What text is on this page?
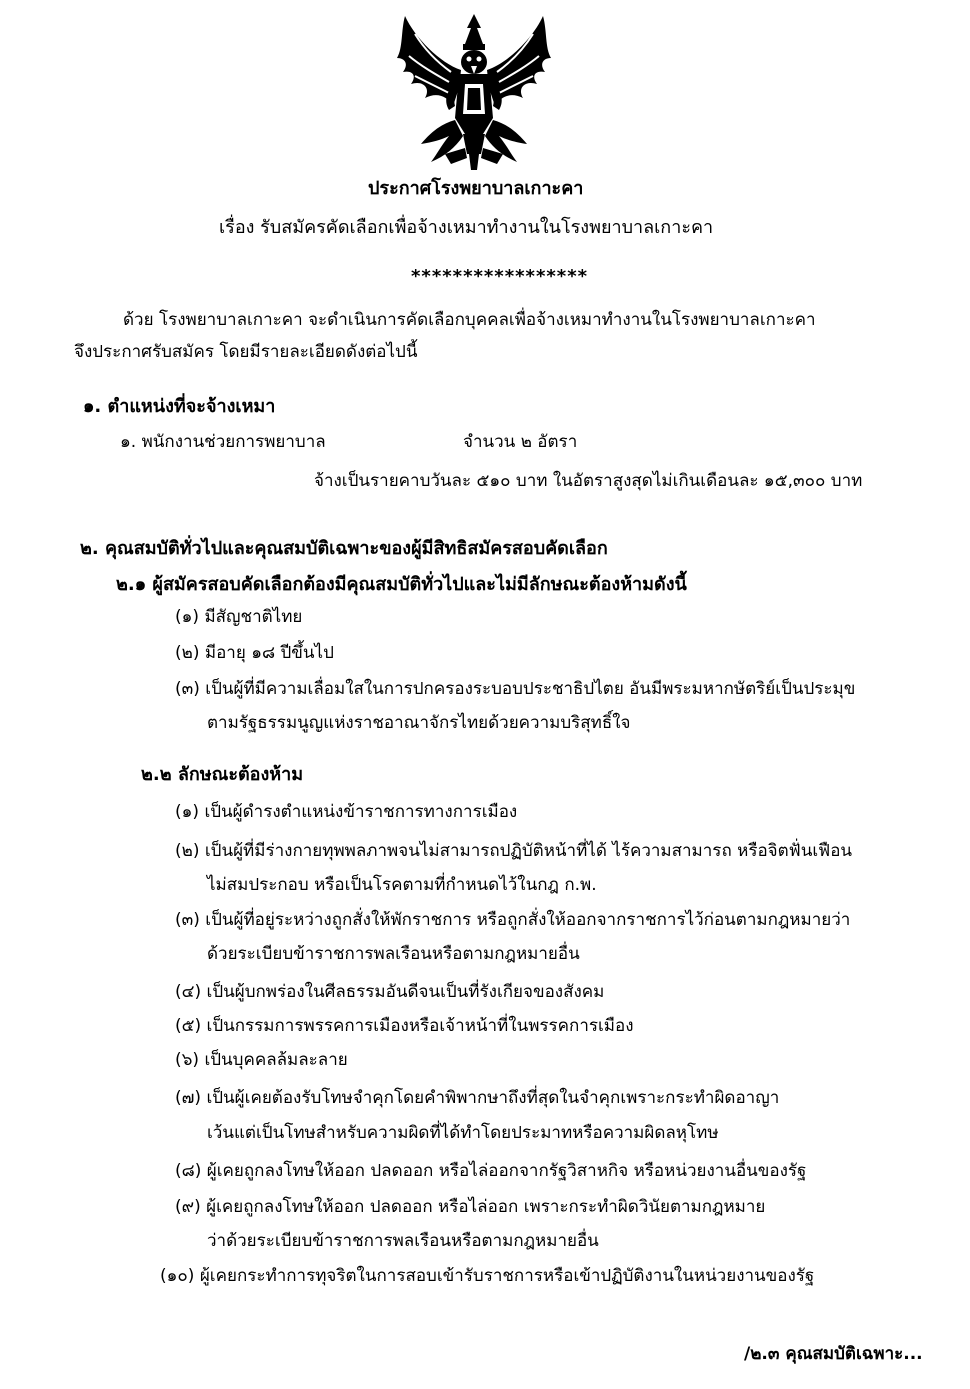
ประกาศโรงพยาบาลเกาะคา
เรื่อง รับสมัครคัดเลือกเพื่อจ้างเหมาทำงานในโรงพยาบาลเกาะคา
*****************
ด้วย โรงพยาบาลเกาะคา จะดำเนินการคัดเลือกบุคคลเพื่อจ้างเหมาทำงานในโรงพยาบาลเกาะคา
จึงประกาศรับสมัคร โดยมีรายละเอียดดังต่อไปนี้
๑. ตำแหน่งที่จะจ้างเหมา
๑. พนักงานช่วยการพยาบาล	จำนวน ๒ อัตรา
จ้างเป็นรายคาบวันละ ๕๑๐ บาท ในอัตราสูงสุดไม่เกินเดือนละ ๑๕,๓๐๐ บาท
๒. คุณสมบัติทั่วไปและคุณสมบัติเฉพาะของผู้มีสิทธิสมัครสอบคัดเลือก
๒.๑ ผู้สมัครสอบคัดเลือกต้องมีคุณสมบัติทั่วไปและไม่มีลักษณะต้องห้ามดังนี้
(๑) มีสัญชาติไทย
(๒) มีอายุ ๑๘ ปีขึ้นไป
(๓) เป็นผู้ที่มีความเลื่อมใสในการปกครองระบอบประชาธิปไตย อันมีพระมหากษัตริย์เป็นประมุข
ตามรัฐธรรมนูญแห่งราชอาณาจักรไทยด้วยความบริสุทธิ์ใจ
๒.๒ ลักษณะต้องห้าม
(๑) เป็นผู้ดำรงตำแหน่งข้าราชการทางการเมือง
(๒) เป็นผู้ที่มีร่างกายทุพพลภาพจนไม่สามารถปฏิบัติหน้าที่ได้ ไร้ความสามารถ หรือจิตฟั่นเฟือน
ไม่สมประกอบ หรือเป็นโรคตามที่กำหนดไว้ในกฎ ก.พ.
(๓) เป็นผู้ที่อยู่ระหว่างถูกสั่งให้พักราชการ หรือถูกสั่งให้ออกจากราชการไว้ก่อนตามกฎหมายว่า
ด้วยระเบียบข้าราชการพลเรือนหรือตามกฎหมายอื่น
(๔) เป็นผู้บกพร่องในศีลธรรมอันดีจนเป็นที่รังเกียจของสังคม
(๕) เป็นกรรมการพรรคการเมืองหรือเจ้าหน้าที่ในพรรคการเมือง
(๖) เป็นบุคคลล้มละลาย
(๗) เป็นผู้เคยต้องรับโทษจำคุกโดยคำพิพากษาถึงที่สุดในจำคุกเพราะกระทำผิดอาญา
เว้นแต่เป็นโทษสำหรับความผิดที่ได้ทำโดยประมาทหรือความผิดลหุโทษ
(๘) ผู้เคยถูกลงโทษให้ออก ปลดออก หรือไล่ออกจากรัฐวิสาหกิจ หรือหน่วยงานอื่นของรัฐ
(๙) ผู้เคยถูกลงโทษให้ออก ปลดออก หรือไล่ออก เพราะกระทำผิดวินัยตามกฎหมาย
ว่าด้วยระเบียบข้าราชการพลเรือนหรือตามกฎหมายอื่น
(๑๐) ผู้เคยกระทำการทุจริตในการสอบเข้ารับราชการหรือเข้าปฏิบัติงานในหน่วยงานของรัฐ
/๒.๓ คุณสมบัติเฉพาะ...
